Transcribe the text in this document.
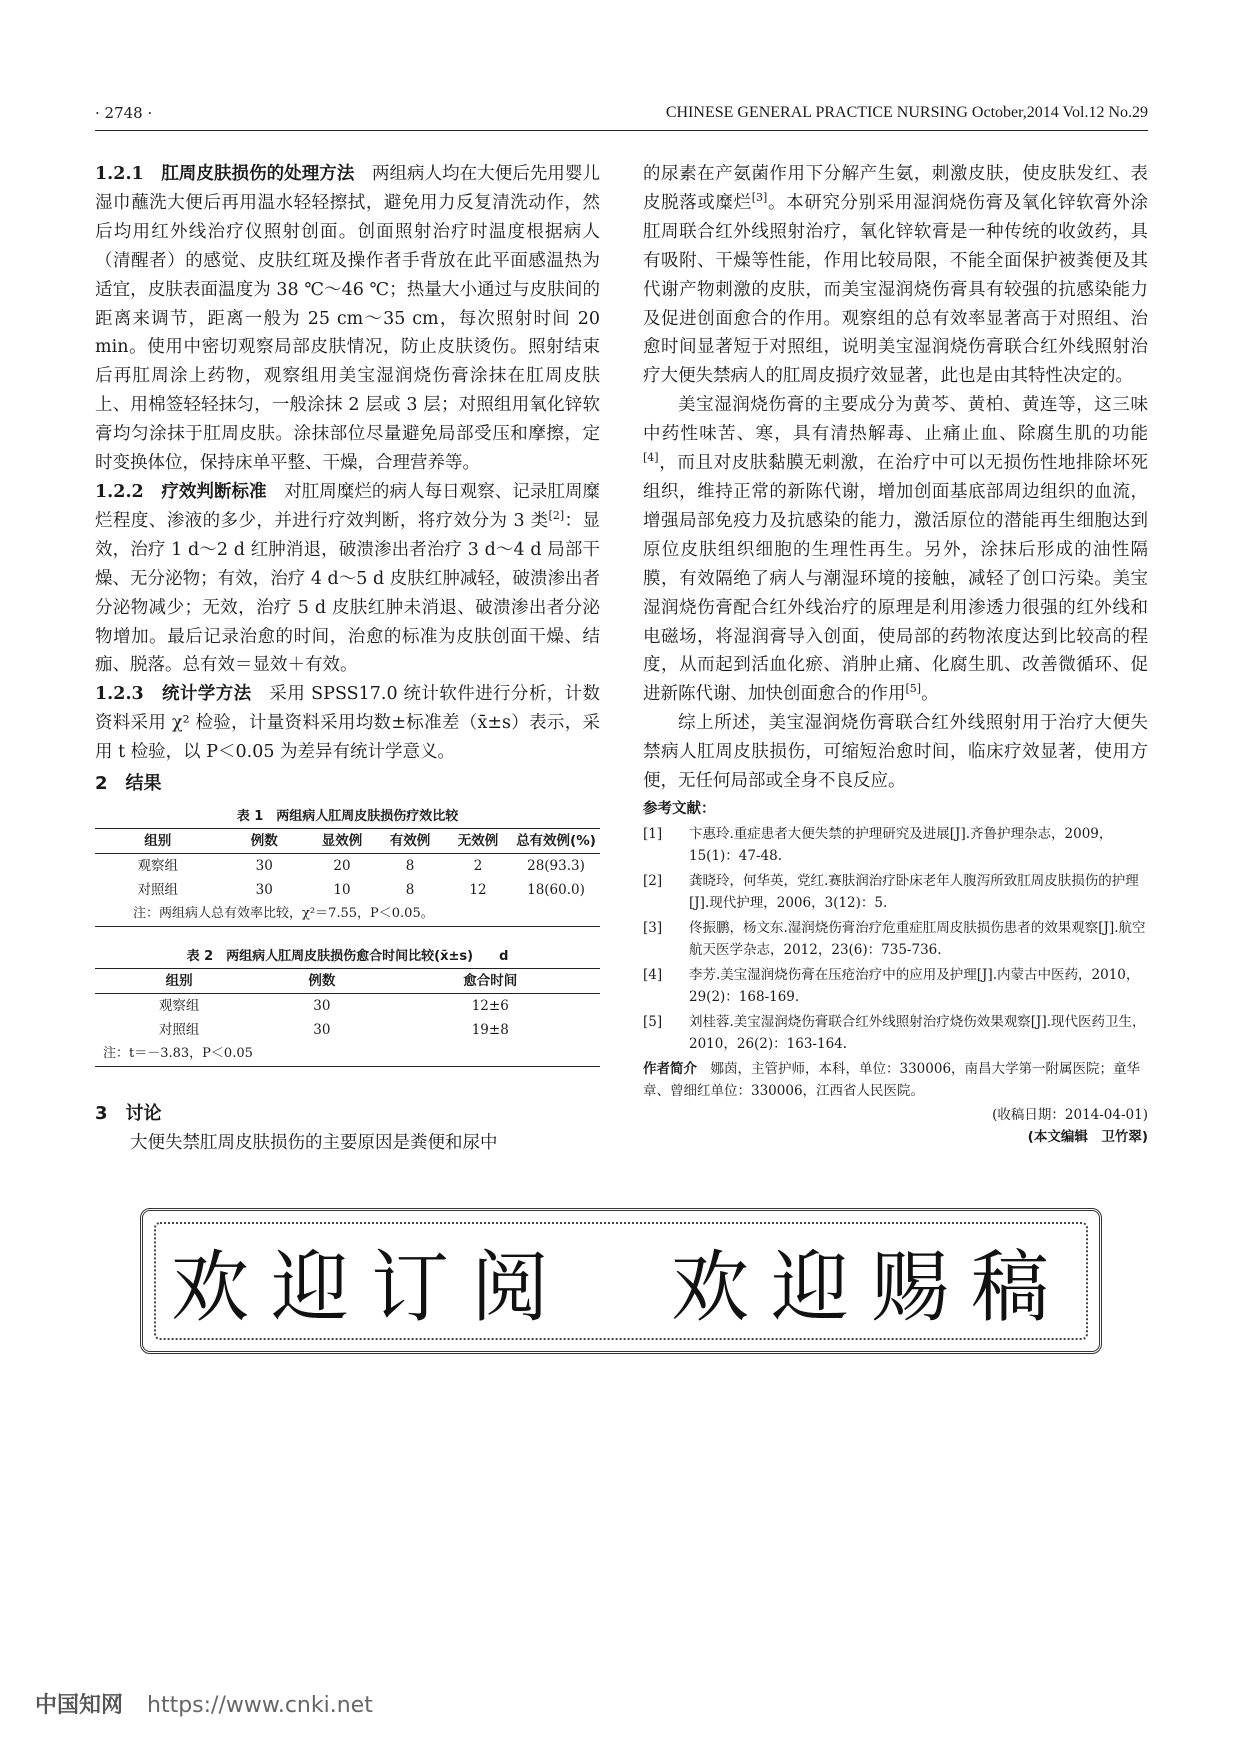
· 2748 ·	CHINESE GENERAL PRACTICE NURSING October,2014 Vol.12 No.29

1.2.1　 肛周皮肤损伤的处理方法　 两组病人均在大便后先用婴儿湿巾蘸洗大便后再用温水轻轻擦拭，避免用力反复清洗动作，然后均用红外线治疗仪照射创面。创面照射治疗时温度根据病人（清醒者）的感觉、皮肤红斑及操作者手背放在此平面感温热为适宜，皮肤表面温度为 38 ℃～46 ℃；热量大小通过与皮肤间的距离来调节，距离一般为 25 cm～35 cm，每次照射时间 20 min。使用中密切观察局部皮肤情况，防止皮肤烫伤。照射结束后再肛周涂上药物，观察组用美宝湿润烧伤膏涂抹在肛周皮肤上、用棉签轻轻抹匀，一般涂抹 2 层或 3 层；对照组用氧化锌软膏均匀涂抹于肛周皮肤。涂抹部位尽量避免局部受压和摩擦，定时变换体位，保持床单平整、干燥，合理营养等。

1.2.2　 疗效判断标准　 对肛周糜烂的病人每日观察、记录肛周糜烂程度、渗液的多少，并进行疗效判断，将疗效分为 3 类[2]：显效，治疗 1 d～2 d 红肿消退，破溃渗出者治疗 3 d～4 d 局部干燥、无分泌物；有效，治疗 4 d～5 d 皮肤红肿减轻，破溃渗出者分泌物减少；无效，治疗 5 d 皮肤红肿未消退、破溃渗出者分泌物增加。最后记录治愈的时间，治愈的标准为皮肤创面干燥、结痂、脱落。总有效＝显效＋有效。

1.2.3　 统计学方法　 采用 SPSS17.0 统计软件进行分析，计数资料采用 χ² 检验，计量资料采用均数±标准差（x̄±s）表示，采用 t 检验，以 P＜0.05 为差异有统计学意义。

2　结果
表 1　两组病人肛周皮肤损伤疗效比较
组别	例数	显效例	有效例	无效例	总有效例(%)
观察组	30	20	8	2	28(93.3)
对照组	30	10	8	12	18(60.0)
注：两组病人总有效率比较，χ²＝7.55，P＜0.05。					
表 2　两组病人肛周皮肤损伤愈合时间比较(x̄±s)　　d
组别	例数	愈合时间
观察组	30	12±6
对照组	30	19±8
注：t＝－3.83，P＜0.05		
3　讨论

大便失禁肛周皮肤损伤的主要原因是粪便和尿中

的尿素在产氨菌作用下分解产生氨，刺激皮肤，使皮肤发红、表皮脱落或糜烂[3]。本研究分别采用湿润烧伤膏及氧化锌软膏外涂肛周联合红外线照射治疗，氧化锌软膏是一种传统的收敛药，具有吸附、干燥等性能，作用比较局限，不能全面保护被粪便及其代谢产物刺激的皮肤，而美宝湿润烧伤膏具有较强的抗感染能力及促进创面愈合的作用。观察组的总有效率显著高于对照组、治愈时间显著短于对照组，说明美宝湿润烧伤膏联合红外线照射治疗大便失禁病人的肛周皮损疗效显著，此也是由其特性决定的。

美宝湿润烧伤膏的主要成分为黄芩、黄柏、黄连等，这三味中药性味苦、寒，具有清热解毒、止痛止血、除腐生肌的功能[4]，而且对皮肤黏膜无刺激，在治疗中可以无损伤性地排除坏死组织，维持正常的新陈代谢，增加创面基底部周边组织的血流，增强局部免疫力及抗感染的能力，激活原位的潜能再生细胞达到原位皮肤组织细胞的生理性再生。另外，涂抹后形成的油性隔膜，有效隔绝了病人与潮湿环境的接触，减轻了创口污染。美宝湿润烧伤膏配合红外线治疗的原理是利用渗透力很强的红外线和电磁场，将湿润膏导入创面，使局部的药物浓度达到比较高的程度，从而起到活血化瘀、消肿止痛、化腐生肌、改善微循环、促进新陈代谢、加快创面愈合的作用[5]。

综上所述，美宝湿润烧伤膏联合红外线照射用于治疗大便失禁病人肛周皮肤损伤，可缩短治愈时间，临床疗效显著，使用方便，无任何局部或全身不良反应。

参考文献：
[1] 卞惠玲.重症患者大便失禁的护理研究及进展[J].齐鲁护理杂志，2009，15(1)：47-48.
[2] 龚晓玲，何华英，党红.赛肤润治疗卧床老年人腹泻所致肛周皮肤损伤的护理[J].现代护理，2006，3(12)：5.
[3] 佟振鹏，杨文东.湿润烧伤膏治疗危重症肛周皮肤损伤患者的效果观察[J].航空航天医学杂志，2012，23(6)：735-736.
[4] 李芳.美宝湿润烧伤膏在压疮治疗中的应用及护理[J].内蒙古中医药，2010，29(2)：168-169.
[5] 刘桂蓉.美宝湿润烧伤膏联合红外线照射治疗烧伤效果观察[J].现代医药卫生，2010，26(2)：163-164.
作者简介　 娜茵，主管护师，本科，单位：330006，南昌大学第一附属医院；童华章、曾细红单位：330006，江西省人民医院。
(收稿日期：2014-04-01)
(本文编辑　卫竹翠)
欢迎订阅　欢迎赐稿
中国知网 https://www.cnki.net
